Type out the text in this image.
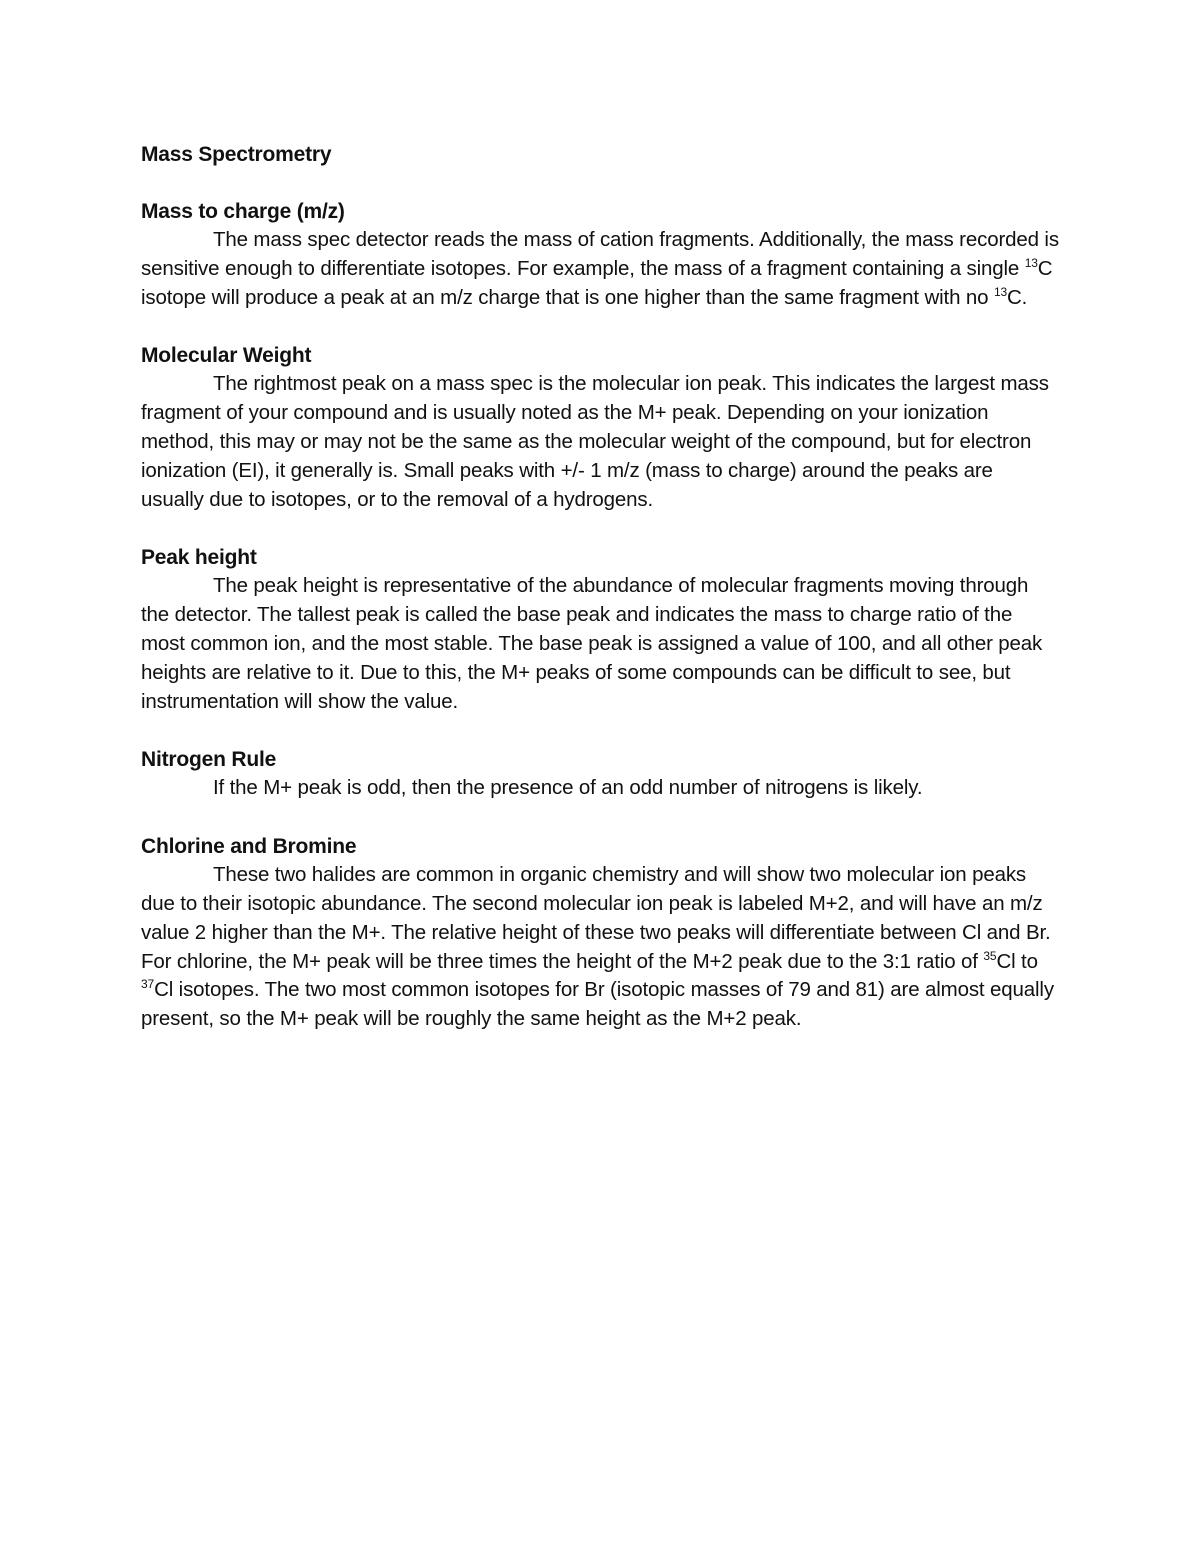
Mass Spectrometry
Mass to charge (m/z)

The mass spec detector reads the mass of cation fragments. Additionally, the mass recorded is sensitive enough to differentiate isotopes. For example, the mass of a fragment containing a single $^{13}$C isotope will produce a peak at an m/z charge that is one higher than the same fragment with no $^{13}$C.

Molecular Weight

The rightmost peak on a mass spec is the molecular ion peak. This indicates the largest mass fragment of your compound and is usually noted as the M+ peak. Depending on your ionization method, this may or may not be the same as the molecular weight of the compound, but for electron ionization (EI), it generally is. Small peaks with +/- 1 m/z (mass to charge) around the peaks are usually due to isotopes, or to the removal of a hydrogens.

Peak height

The peak height is representative of the abundance of molecular fragments moving through the detector. The tallest peak is called the base peak and indicates the mass to charge ratio of the most common ion, and the most stable. The base peak is assigned a value of 100, and all other peak heights are relative to it. Due to this, the M+ peaks of some compounds can be difficult to see, but instrumentation will show the value.

Nitrogen Rule

If the M+ peak is odd, then the presence of an odd number of nitrogens is likely.

Chlorine and Bromine

These two halides are common in organic chemistry and will show two molecular ion peaks due to their isotopic abundance. The second molecular ion peak is labeled M+2, and will have an m/z value 2 higher than the M+. The relative height of these two peaks will differentiate between Cl and Br. For chlorine, the M+ peak will be three times the height of the M+2 peak due to the 3:1 ratio of $^{35}$Cl to $^{37}$Cl isotopes. The two most common isotopes for Br (isotopic masses of 79 and 81) are almost equally present, so the M+ peak will be roughly the same height as the M+2 peak.
